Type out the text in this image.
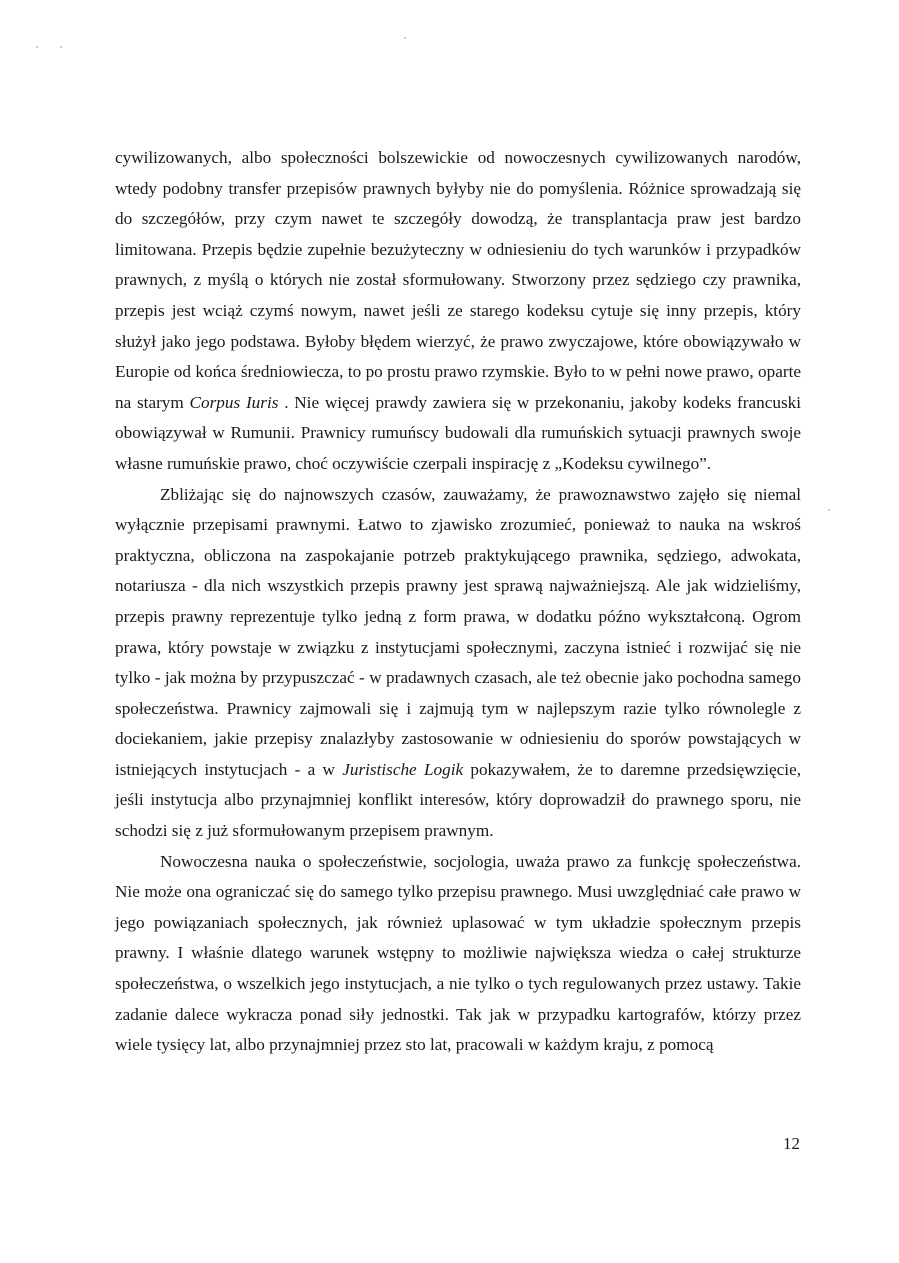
cywilizowanych, albo społeczności bolszewickie od nowoczesnych cywilizowanych narodów, wtedy podobny transfer przepisów prawnych byłyby nie do pomyślenia. Różnice sprowadzają się do szczegółów, przy czym nawet te szczegóły dowodzą, że transplantacja praw jest bardzo limitowana. Przepis będzie zupełnie bezużyteczny w odniesieniu do tych warunków i przypadków prawnych, z myślą o których nie został sformułowany. Stworzony przez sędziego czy prawnika, przepis jest wciąż czymś nowym, nawet jeśli ze starego kodeksu cytuje się inny przepis, który służył jako jego podstawa. Byłoby błędem wierzyć, że prawo zwyczajowe, które obowiązywało w Europie od końca średniowiecza, to po prostu prawo rzymskie. Było to w pełni nowe prawo, oparte na starym Corpus Iuris . Nie więcej prawdy zawiera się w przekonaniu, jakoby kodeks francuski obowiązywał w Rumunii. Prawnicy rumuńscy budowali dla rumuńskich sytuacji prawnych swoje własne rumuńskie prawo, choć oczywiście czerpali inspirację z „Kodeksu cywilnego”.

Zbliżając się do najnowszych czasów, zauważamy, że prawoznawstwo zajęło się niemal wyłącznie przepisami prawnymi. Łatwo to zjawisko zrozumieć, ponieważ to nauka na wskroś praktyczna, obliczona na zaspokajanie potrzeb praktykującego prawnika, sędziego, adwokata, notariusza - dla nich wszystkich przepis prawny jest sprawą najważniejszą. Ale jak widzieliśmy, przepis prawny reprezentuje tylko jedną z form prawa, w dodatku późno wykształconą. Ogrom prawa, który powstaje w związku z instytucjami społecznymi, zaczyna istnieć i rozwijać się nie tylko - jak można by przypuszczać - w pradawnych czasach, ale też obecnie jako pochodna samego społeczeństwa. Prawnicy zajmowali się i zajmują tym w najlepszym razie tylko równolegle z dociekaniem, jakie przepisy znalazłyby zastosowanie w odniesieniu do sporów powstających w istniejących instytucjach - a w Juristische Logik pokazywałem, że to daremne przedsięwzięcie, jeśli instytucja albo przynajmniej konflikt interesów, który doprowadził do prawnego sporu, nie schodzi się z już sformułowanym przepisem prawnym.

Nowoczesna nauka o społeczeństwie, socjologia, uważa prawo za funkcję społeczeństwa. Nie może ona ograniczać się do samego tylko przepisu prawnego. Musi uwzględniać całe prawo w jego powiązaniach społecznych, jak również uplasować w tym układzie społecznym przepis prawny. I właśnie dlatego warunek wstępny to możliwie największa wiedza o całej strukturze społeczeństwa, o wszelkich jego instytucjach, a nie tylko o tych regulowanych przez ustawy. Takie zadanie dalece wykracza ponad siły jednostki. Tak jak w przypadku kartografów, którzy przez wiele tysięcy lat, albo przynajmniej przez sto lat, pracowali w każdym kraju, z pomocą

12
